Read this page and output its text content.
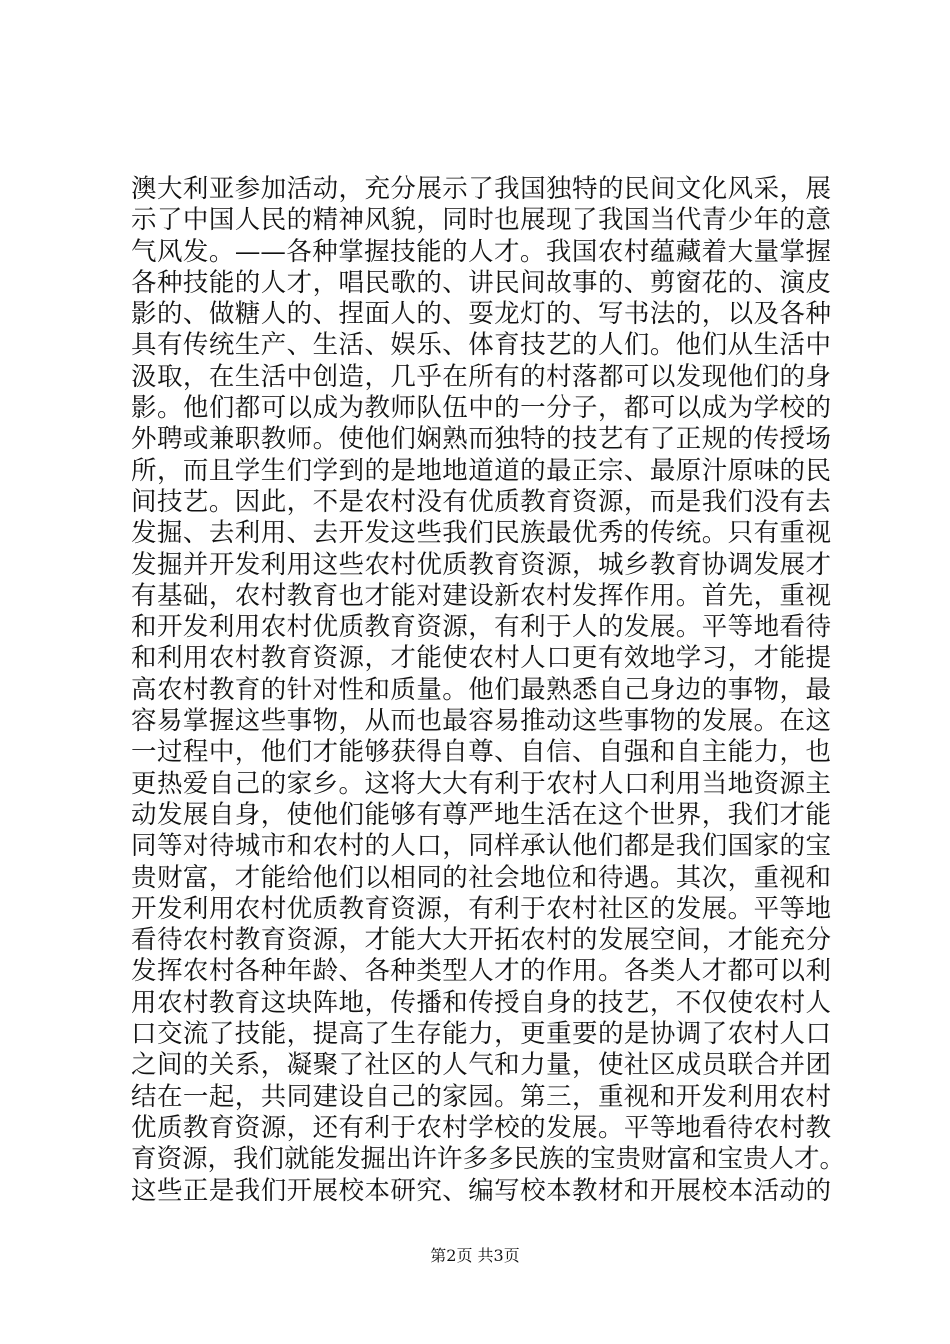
澳大利亚参加活动，充分展示了我国独特的民间文化风采，展
示了中国人民的精神风貌，同时也展现了我国当代青少年的意
气风发。——各种掌握技能的人才。我国农村蕴藏着大量掌握
各种技能的人才，唱民歌的、讲民间故事的、剪窗花的、演皮
影的、做糖人的、捏面人的、耍龙灯的、写书法的，以及各种
具有传统生产、生活、娱乐、体育技艺的人们。他们从生活中
汲取，在生活中创造，几乎在所有的村落都可以发现他们的身
影。他们都可以成为教师队伍中的一分子，都可以成为学校的
外聘或兼职教师。使他们娴熟而独特的技艺有了正规的传授场
所，而且学生们学到的是地地道道的最正宗、最原汁原味的民
间技艺。因此，不是农村没有优质教育资源，而是我们没有去
发掘、去利用、去开发这些我们民族最优秀的传统。只有重视
发掘并开发利用这些农村优质教育资源，城乡教育协调发展才
有基础，农村教育也才能对建设新农村发挥作用。首先，重视
和开发利用农村优质教育资源，有利于人的发展。平等地看待
和利用农村教育资源，才能使农村人口更有效地学习，才能提
高农村教育的针对性和质量。他们最熟悉自己身边的事物，最
容易掌握这些事物，从而也最容易推动这些事物的发展。在这
一过程中，他们才能够获得自尊、自信、自强和自主能力，也
更热爱自己的家乡。这将大大有利于农村人口利用当地资源主
动发展自身，使他们能够有尊严地生活在这个世界，我们才能
同等对待城市和农村的人口，同样承认他们都是我们国家的宝
贵财富，才能给他们以相同的社会地位和待遇。其次，重视和
开发利用农村优质教育资源，有利于农村社区的发展。平等地
看待农村教育资源，才能大大开拓农村的发展空间，才能充分
发挥农村各种年龄、各种类型人才的作用。各类人才都可以利
用农村教育这块阵地，传播和传授自身的技艺，不仅使农村人
口交流了技能，提高了生存能力，更重要的是协调了农村人口
之间的关系，凝聚了社区的人气和力量，使社区成员联合并团
结在一起，共同建设自己的家园。第三，重视和开发利用农村
优质教育资源，还有利于农村学校的发展。平等地看待农村教
育资源，我们就能发掘出许许多多民族的宝贵财富和宝贵人才。
这些正是我们开展校本研究、编写校本教材和开展校本活动的
第2页 共3页
